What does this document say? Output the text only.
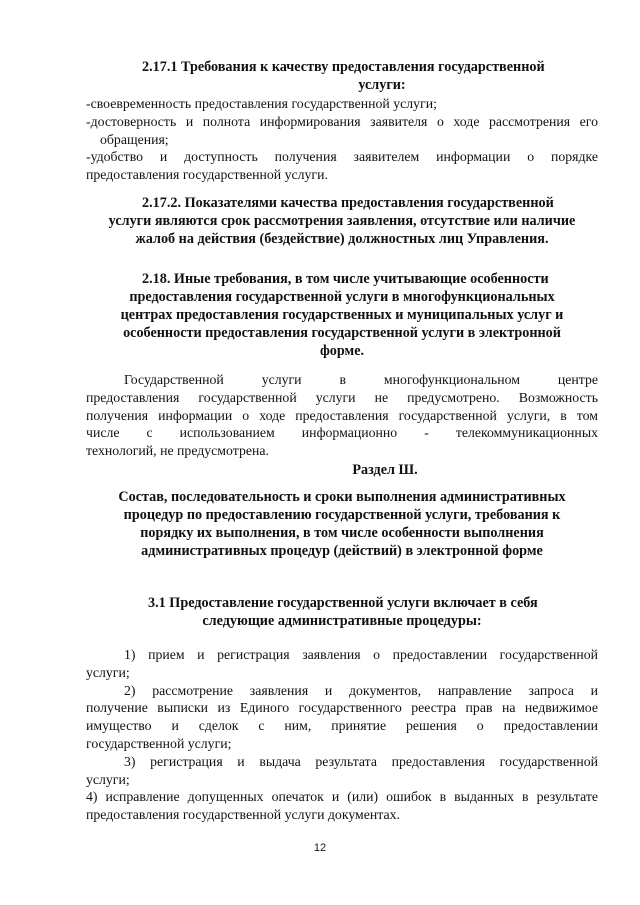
2.17.1 Требования к качеству предоставления государственной
услуги:
-своевременность предоставления государственной услуги;
-достоверность и полнота информирования заявителя о ходе рассмотрения его
обращения;
-удобство и доступность получения заявителем информации о порядке
предоставления государственной услуги.
2.17.2. Показателями качества предоставления государственной
услуги являются срок рассмотрения заявления, отсутствие или наличие
жалоб на действия (бездействие) должностных лиц Управления.
2.18. Иные требования, в том числе учитывающие особенности
предоставления государственной услуги в многофункциональных
центрах предоставления государственных и муниципальных услуг и
особенности предоставления государственной услуги в электронной
форме.
Государственной услуги в многофункциональном центре
предоставления государственной услуги не предусмотрено. Возможность
получения информации о ходе предоставления государственной услуги, в том
числе с использованием информационно - телекоммуникационных
технологий, не предусмотрена.
Раздел Ш.
Состав, последовательность и сроки выполнения административных
процедур по предоставлению государственной услуги, требования к
порядку их выполнения, в том числе особенности выполнения
административных процедур (действий) в электронной форме
3.1 Предоставление государственной услуги включает в себя
следующие административные процедуры:
1) прием и регистрация заявления о предоставлении государственной
услуги;
2) рассмотрение заявления и документов, направление запроса и
получение выписки из Единого государственного реестра прав на недвижимое
имущество и сделок с ним, принятие решения о предоставлении
государственной услуги;
3) регистрация и выдача результата предоставления государственной
услуги;
4) исправление допущенных опечаток и (или) ошибок в выданных в результате
предоставления государственной услуги документах.
12
